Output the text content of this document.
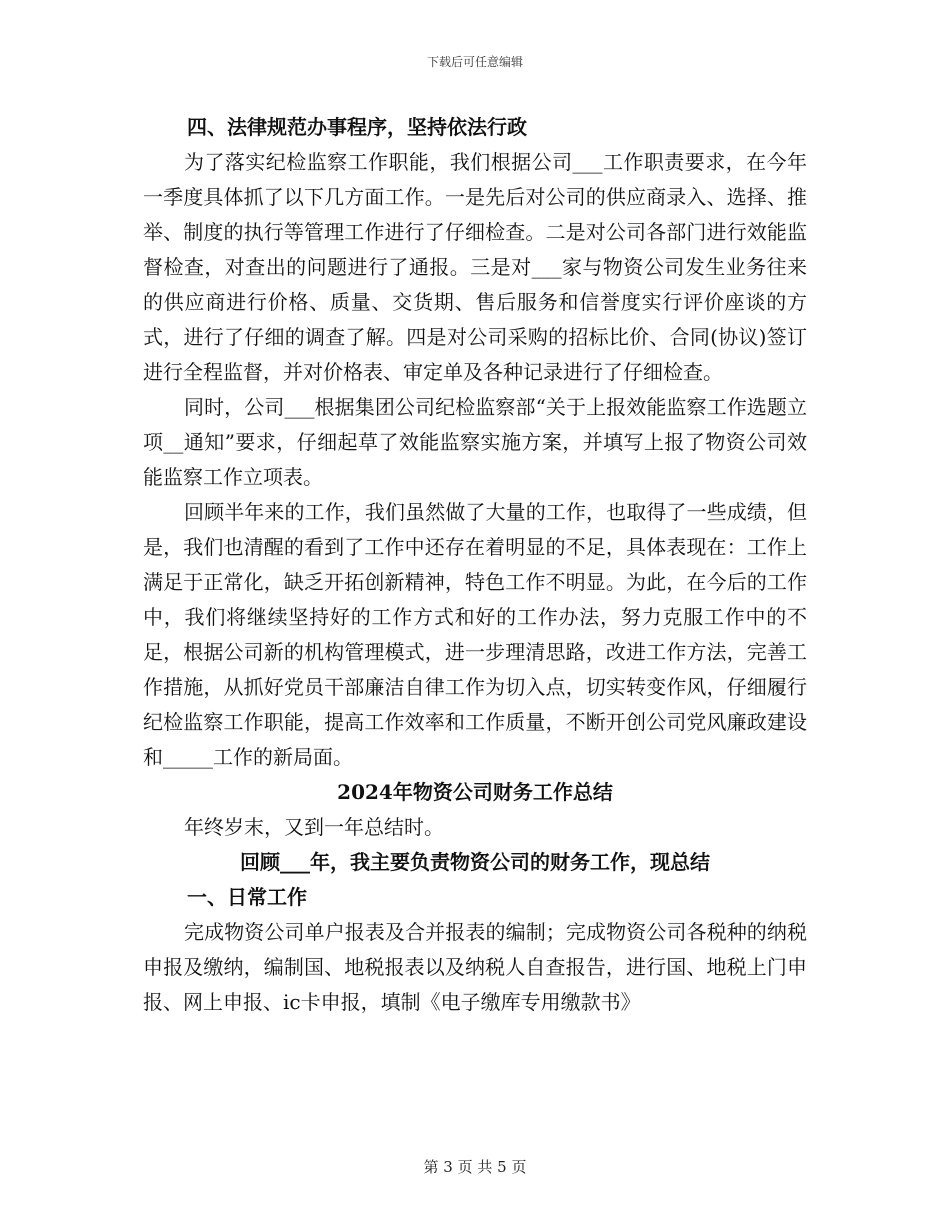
下载后可任意编辑

四、法律规范办事程序，坚持依法行政

为了落实纪检监察工作职能，我们根据公司___工作职责要求，在今年一季度具体抓了以下几方面工作。一是先后对公司的供应商录入、选择、推举、制度的执行等管理工作进行了仔细检查。二是对公司各部门进行效能监督检查，对查出的问题进行了通报。三是对___家与物资公司发生业务往来的供应商进行价格、质量、交货期、售后服务和信誉度实行评价座谈的方式，进行了仔细的调查了解。四是对公司采购的招标比价、合同(协议)签订进行全程监督，并对价格表、审定单及各种记录进行了仔细检查。

同时，公司___根据集团公司纪检监察部“关于上报效能监察工作选题立项__通知”要求，仔细起草了效能监察实施方案，并填写上报了物资公司效能监察工作立项表。

回顾半年来的工作，我们虽然做了大量的工作，也取得了一些成绩，但是，我们也清醒的看到了工作中还存在着明显的不足，具体表现在：工作上满足于正常化，缺乏开拓创新精神，特色工作不明显。为此，在今后的工作中，我们将继续坚持好的工作方式和好的工作办法，努力克服工作中的不足，根据公司新的机构管理模式，进一步理清思路，改进工作方法，完善工作措施，从抓好党员干部廉洁自律工作为切入点，切实转变作风，仔细履行纪检监察工作职能，提高工作效率和工作质量，不断开创公司党风廉政建设和_____工作的新局面。

2024年物资公司财务工作总结

年终岁末，又到一年总结时。

回顾___年，我主要负责物资公司的财务工作，现总结

一、日常工作

完成物资公司单户报表及合并报表的编制；完成物资公司各税种的纳税申报及缴纳，编制国、地税报表以及纳税人自查报告，进行国、地税上门申报、网上申报、ic卡申报，填制《电子缴库专用缴款书》

第 3 页 共 5 页
